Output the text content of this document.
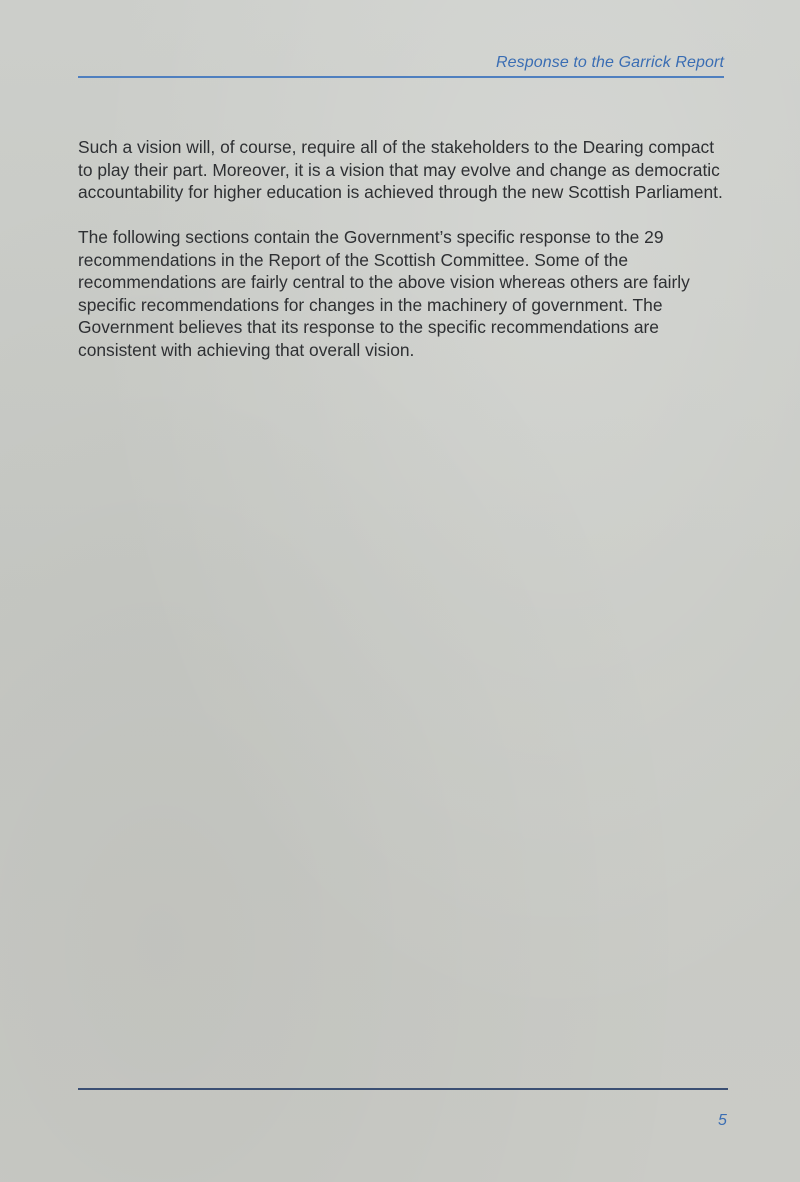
Response to the Garrick Report

Such a vision will, of course, require all of the stakeholders to the Dearing compact to play their part. Moreover, it is a vision that may evolve and change as democratic accountability for higher education is achieved through the new Scottish Parliament.

The following sections contain the Government’s specific response to the 29 recommendations in the Report of the Scottish Committee. Some of the recommendations are fairly central to the above vision whereas others are fairly specific recommendations for changes in the machinery of government. The Government believes that its response to the specific recommendations are consistent with achieving that overall vision.

5
